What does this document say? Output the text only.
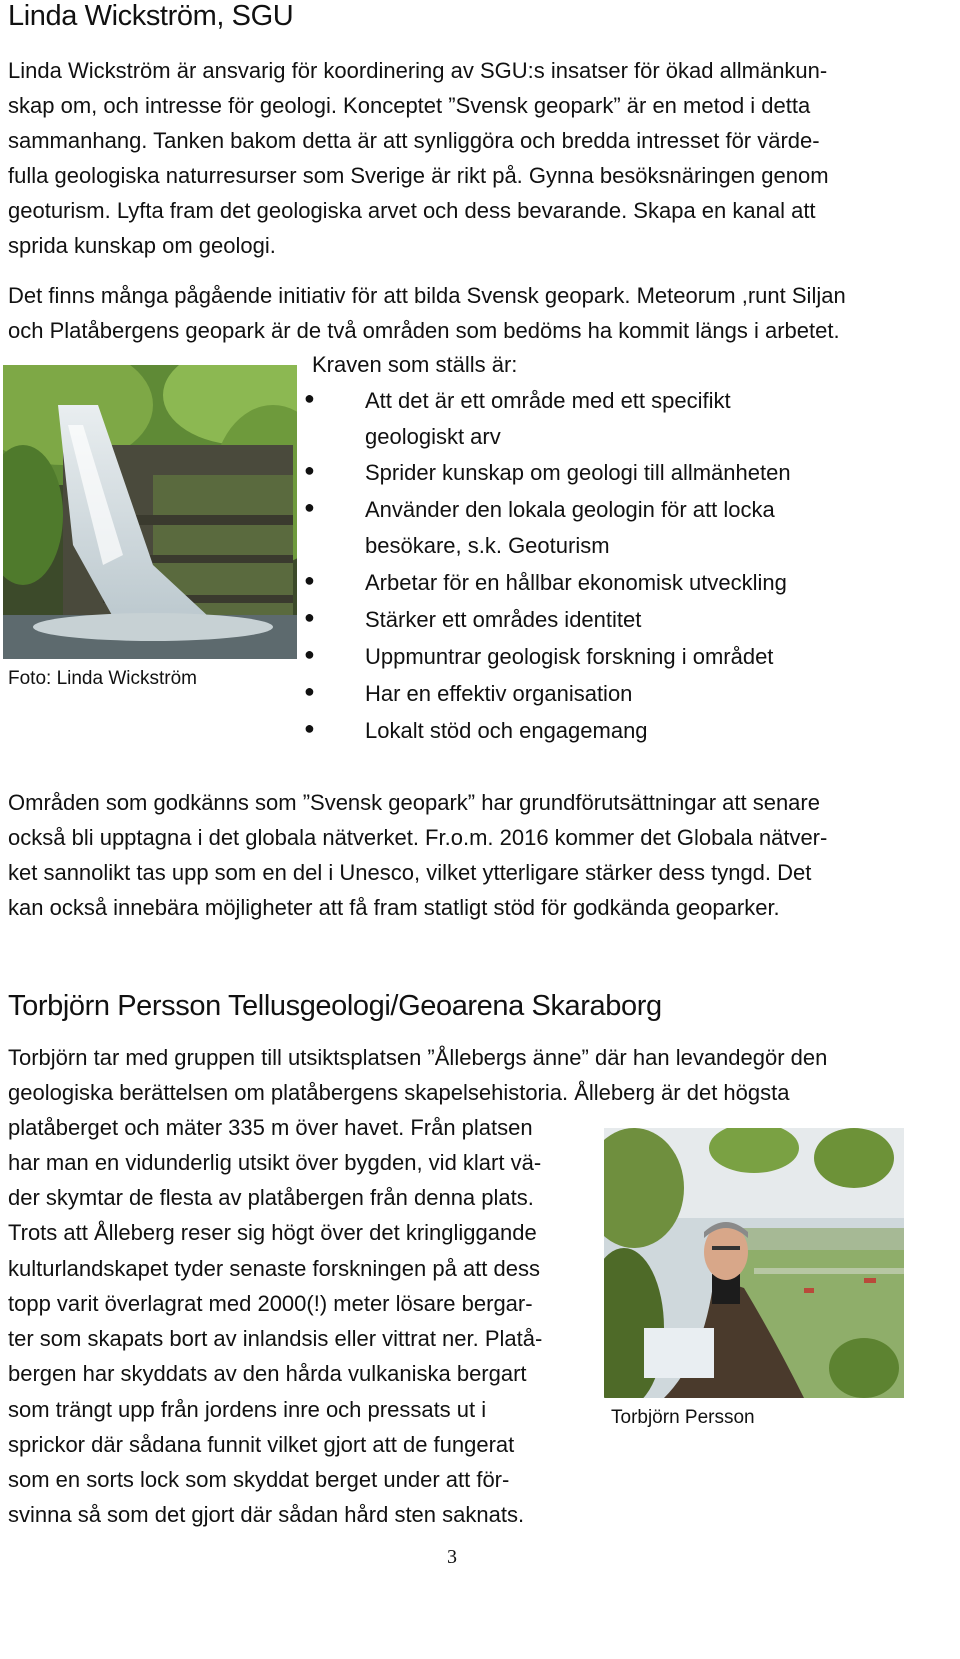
Linda Wickström, SGU
Linda Wickström är ansvarig för koordinering av SGU:s insatser för ökad allmänkun-
skap om, och intresse för geologi. Konceptet ”Svensk geopark” är en metod i detta
sammanhang. Tanken bakom detta är att synliggöra och bredda intresset för värde-
fulla geologiska naturresurser som Sverige är rikt på. Gynna besöksnäringen genom
geoturism. Lyfta fram det geologiska arvet och dess bevarande. Skapa en kanal att
sprida kunskap om geologi.
Det finns många pågående initiativ för att bilda Svensk geopark. Meteorum ,runt Siljan
och Platåbergens geopark är de två områden som bedöms ha kommit längs i arbetet.
Foto: Linda Wickström
Kraven som ställs är:
● Att det är ett område med ett specifikt
geologiskt arv
● Sprider kunskap om geologi till allmänheten
● Använder den lokala geologin för att locka
besökare, s.k. Geoturism
● Arbetar för en hållbar ekonomisk utveckling
● Stärker ett områdes identitet
● Uppmuntrar geologisk forskning i området
● Har en effektiv organisation
● Lokalt stöd och engagemang
Områden som godkänns som ”Svensk geopark” har grundförutsättningar att senare
också bli upptagna i det globala nätverket. Fr.o.m. 2016 kommer det Globala nätver-
ket sannolikt tas upp som en del i Unesco, vilket ytterligare stärker dess tyngd. Det
kan också innebära möjligheter att få fram statligt stöd för godkända geoparker.
Torbjörn Persson Tellusgeologi/Geoarena Skaraborg
Torbjörn tar med gruppen till utsiktsplatsen ”Ållebergs änne” där han levandegör den
geologiska berättelsen om platåbergens skapelsehistoria. Ålleberg är det högsta
platåberget och mäter 335 m över havet. Från platsen
har man en vidunderlig utsikt över bygden, vid klart vä-
der skymtar de flesta av platåbergen från denna plats.
Trots att Ålleberg reser sig högt över det kringliggande
kulturlandskapet tyder senaste forskningen på att dess
topp varit överlagrat med 2000(!) meter lösare bergar-
ter som skapats bort av inlandsis eller vittrat ner. Platå-
bergen har skyddats av den hårda vulkaniska bergart
som trängt upp från jordens inre och pressats ut i
sprickor där sådana funnit vilket gjort att de fungerat
som en sorts lock som skyddat berget under att för-
svinna så som det gjort där sådan hård sten saknats.
Torbjörn Persson
3
